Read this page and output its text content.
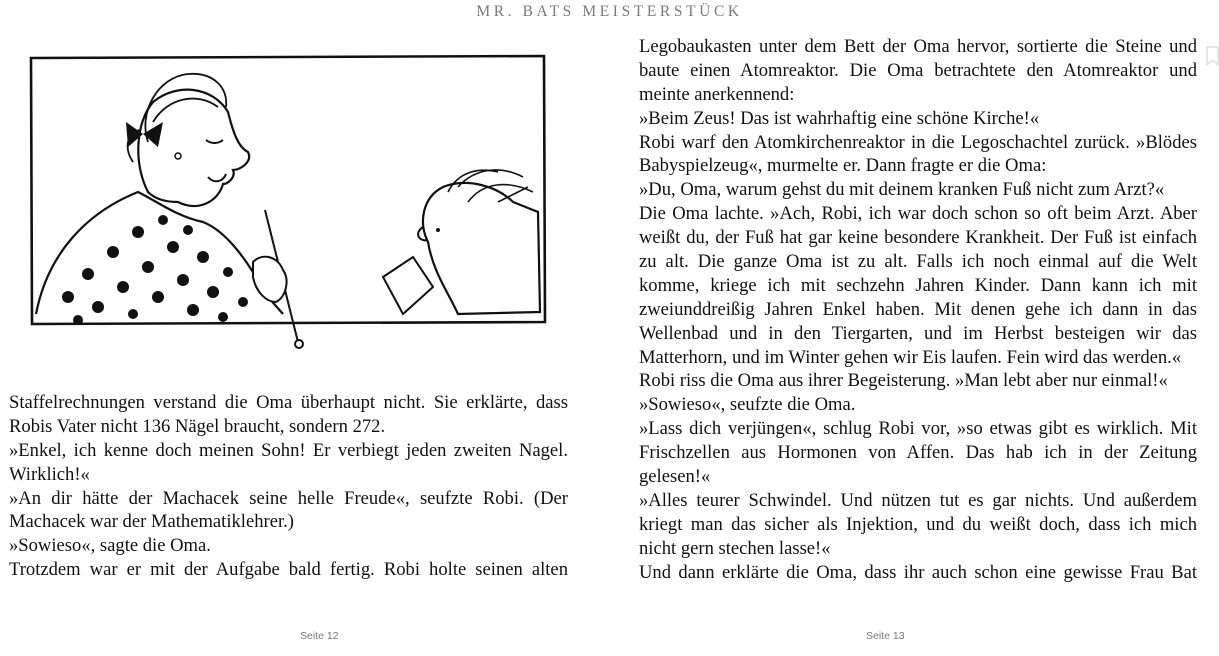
MR. BATS MEISTERSTÜCK
Staffelrechnungen verstand die Oma überhaupt nicht. Sie erklärte, dass
Robis Vater nicht 136 Nägel braucht, sondern 272.
»Enkel, ich kenne doch meinen Sohn! Er verbiegt jeden zweiten Nagel.
Wirklich!«
»An dir hätte der Machacek seine helle Freude«, seufzte Robi. (Der
Machacek war der Mathematiklehrer.)
»Sowieso«, sagte die Oma.
Trotzdem war er mit der Aufgabe bald fertig. Robi holte seinen alten
Seite 12
Legobaukasten unter dem Bett der Oma hervor, sortierte die Steine und
baute einen Atomreaktor. Die Oma betrachtete den Atomreaktor und
meinte anerkennend:
»Beim Zeus! Das ist wahrhaftig eine schöne Kirche!«
Robi warf den Atomkirchenreaktor in die Legoschachtel zurück. »Blödes
Babyspielzeug«, murmelte er. Dann fragte er die Oma:
»Du, Oma, warum gehst du mit deinem kranken Fuß nicht zum Arzt?«
Die Oma lachte. »Ach, Robi, ich war doch schon so oft beim Arzt. Aber
weißt du, der Fuß hat gar keine besondere Krankheit. Der Fuß ist einfach
zu alt. Die ganze Oma ist zu alt. Falls ich noch einmal auf die Welt
komme, kriege ich mit sechzehn Jahren Kinder. Dann kann ich mit
zweiunddreißig Jahren Enkel haben. Mit denen gehe ich dann in das
Wellenbad und in den Tiergarten, und im Herbst besteigen wir das
Matterhorn, und im Winter gehen wir Eis laufen. Fein wird das werden.«
Robi riss die Oma aus ihrer Begeisterung. »Man lebt aber nur einmal!«
»Sowieso«, seufzte die Oma.
»Lass dich verjüngen«, schlug Robi vor, »so etwas gibt es wirklich. Mit
Frischzellen aus Hormonen von Affen. Das hab ich in der Zeitung
gelesen!«
»Alles teurer Schwindel. Und nützen tut es gar nichts. Und außerdem
kriegt man das sicher als Injektion, und du weißt doch, dass ich mich
nicht gern stechen lasse!«
Und dann erklärte die Oma, dass ihr auch schon eine gewisse Frau Bat
Seite 13
